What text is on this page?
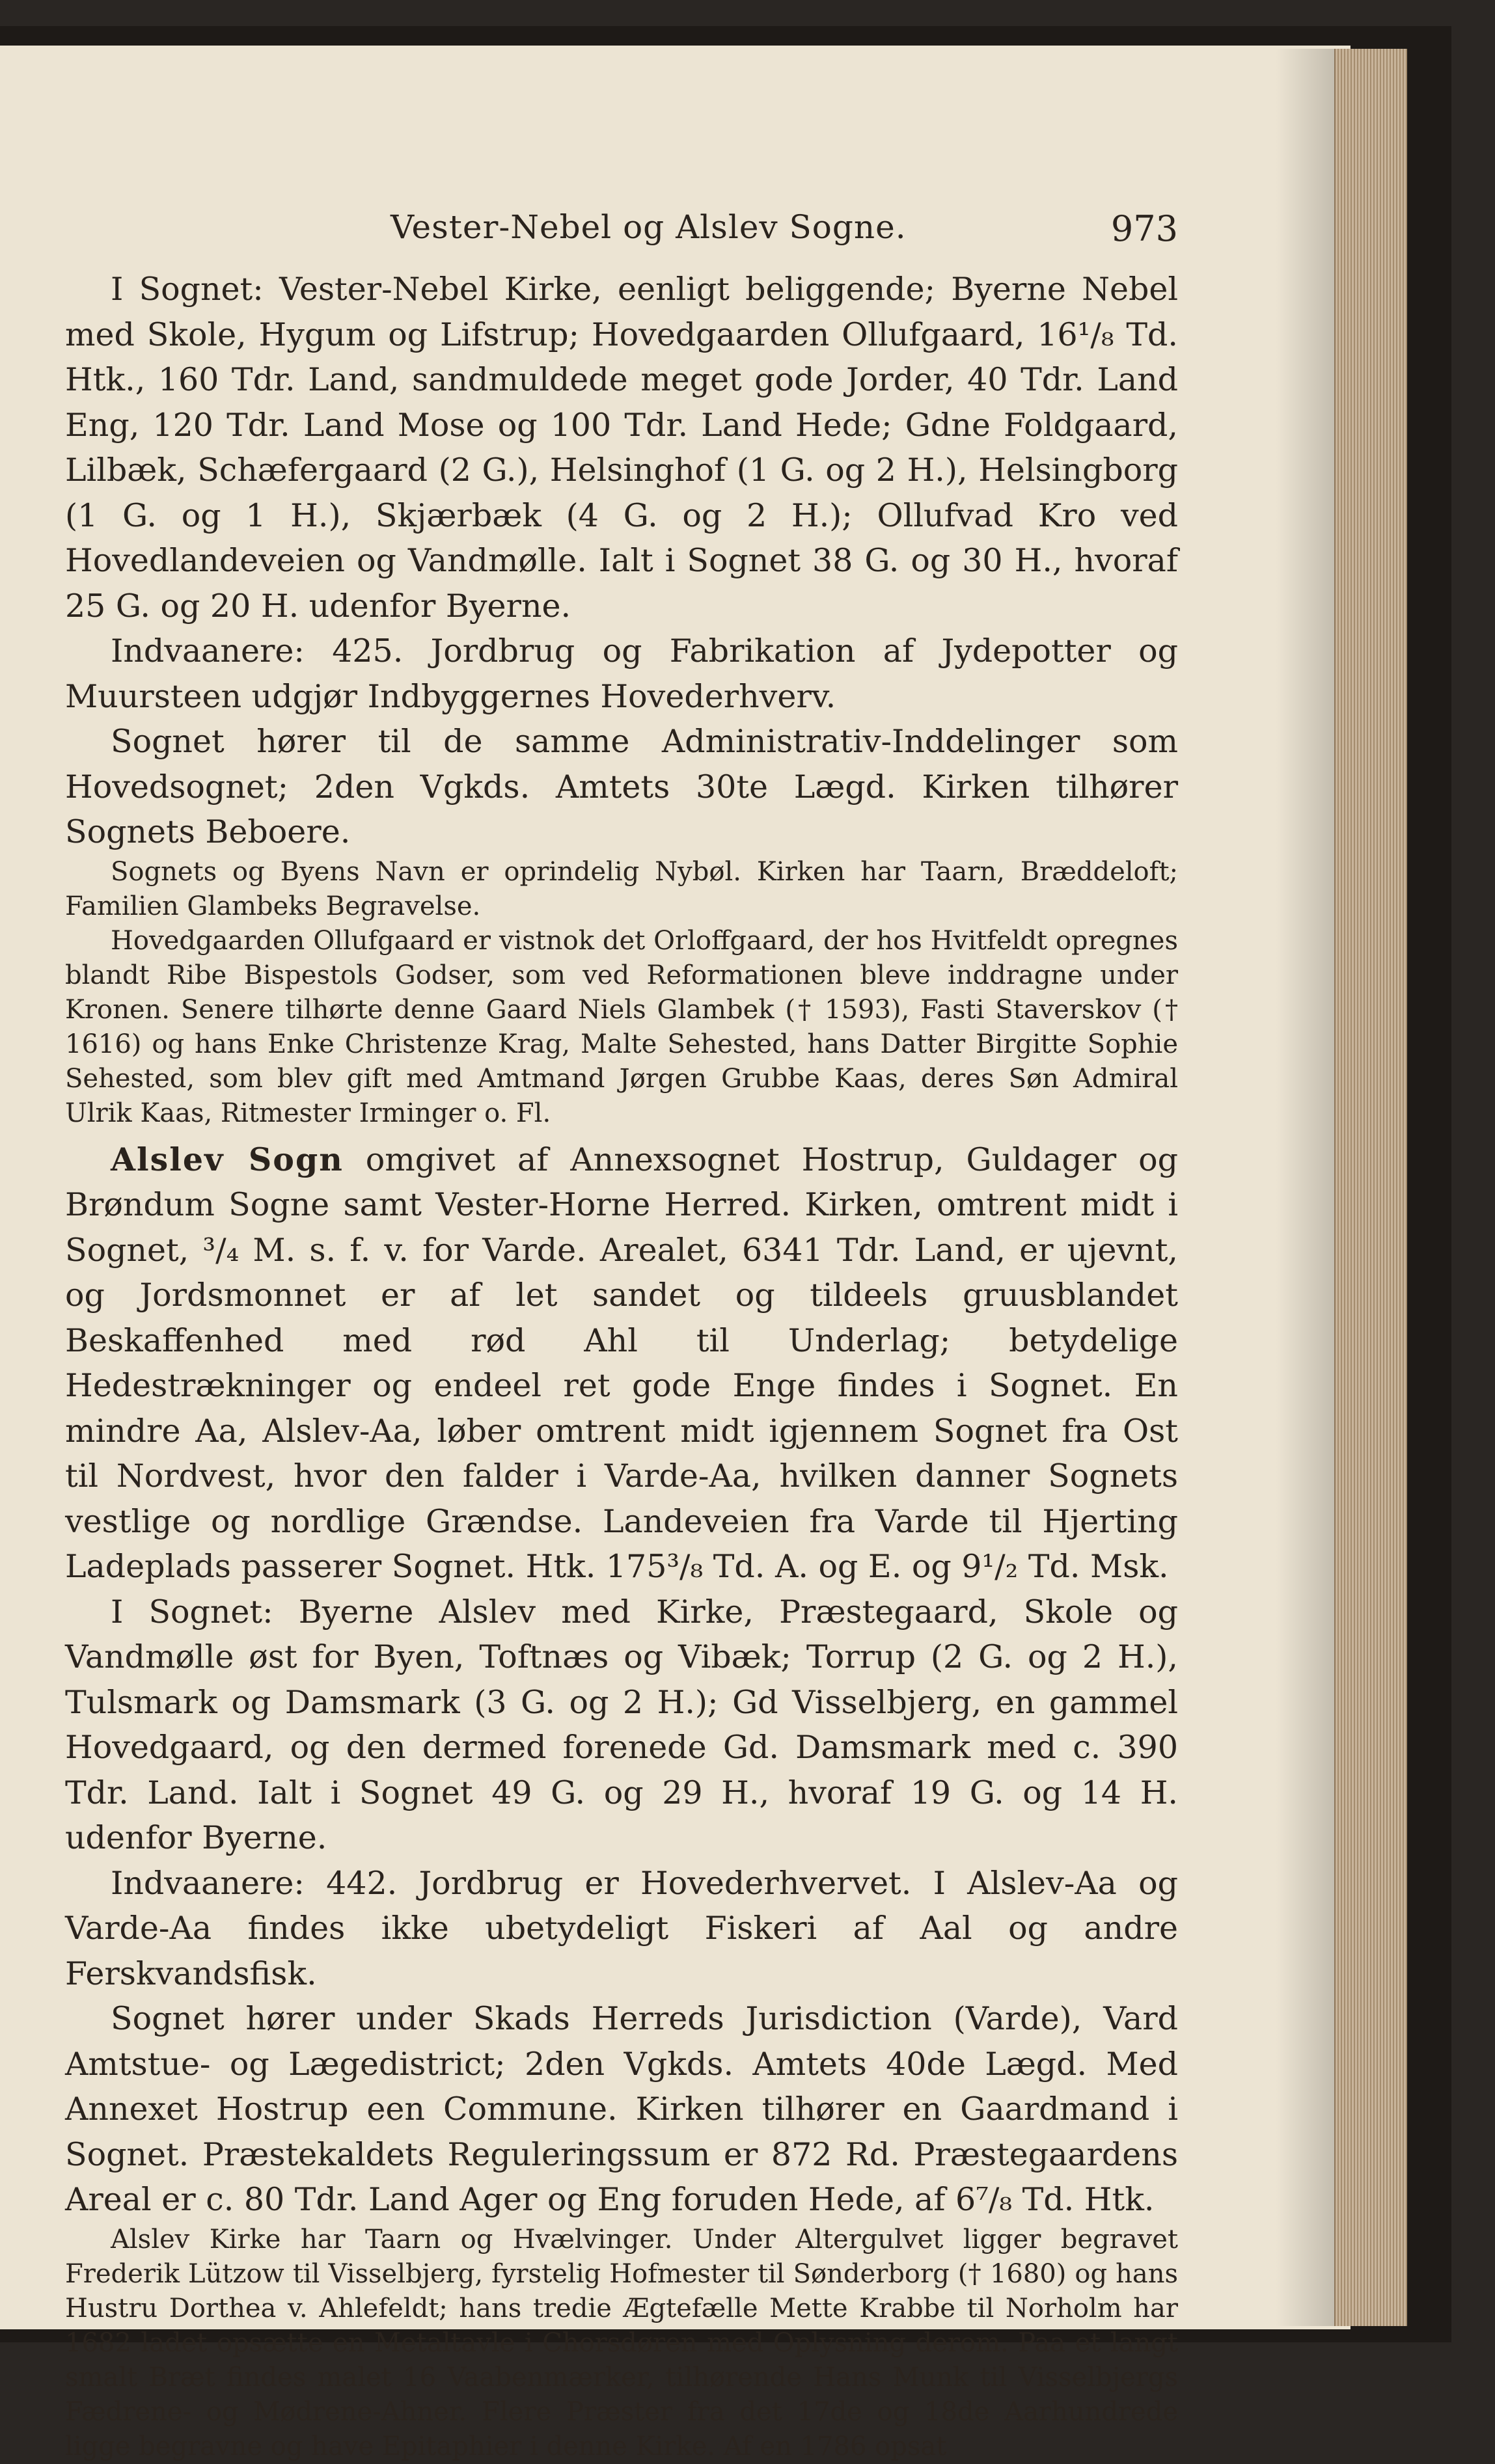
Vester-Nebel og Alslev Sogne.	973

I Sognet: Vester-Nebel Kirke, eenligt beliggende; Byerne Nebel med Skole, Hygum og Lifstrup; Hovedgaarden Ollufgaard, 16¹/₈ Td. Htk., 160 Tdr. Land, sandmuldede meget gode Jorder, 40 Tdr. Land Eng, 120 Tdr. Land Mose og 100 Tdr. Land Hede; Gdne Foldgaard, Lilbæk, Schæfergaard (2 G.), Helsinghof (1 G. og 2 H.), Helsingborg (1 G. og 1 H.), Skjærbæk (4 G. og 2 H.); Ollufvad Kro ved Hovedlandeveien og Vandmølle. Ialt i Sognet 38 G. og 30 H., hvoraf 25 G. og 20 H. udenfor Byerne.

Indvaanere: 425. Jordbrug og Fabrikation af Jydepotter og Muursteen udgjør Indbyggernes Hovederhverv.

Sognet hører til de samme Administrativ-Inddelinger som Hovedsognet; 2den Vgkds. Amtets 30te Lægd. Kirken tilhører Sognets Beboere.

Sognets og Byens Navn er oprindelig Nybøl. Kirken har Taarn, Bræddeloft; Familien Glambeks Begravelse.

Hovedgaarden Ollufgaard er vistnok det Orloffgaard, der hos Hvitfeldt opregnes blandt Ribe Bispestols Godser, som ved Reformationen bleve inddragne under Kronen. Senere tilhørte denne Gaard Niels Glambek († 1593), Fasti Staverskov († 1616) og hans Enke Christenze Krag, Malte Sehested, hans Datter Birgitte Sophie Sehested, som blev gift med Amtmand Jørgen Grubbe Kaas, deres Søn Admiral Ulrik Kaas, Ritmester Irminger o. Fl.

Alslev Sogn omgivet af Annexsognet Hostrup, Guldager og Brøndum Sogne samt Vester-Horne Herred. Kirken, omtrent midt i Sognet, ³/₄ M. s. f. v. for Varde. Arealet, 6341 Tdr. Land, er ujevnt, og Jordsmonnet er af let sandet og tildeels gruusblandet Beskaffenhed med rød Ahl til Underlag; betydelige Hedestrækninger og endeel ret gode Enge findes i Sognet. En mindre Aa, Alslev-Aa, løber omtrent midt igjennem Sognet fra Ost til Nordvest, hvor den falder i Varde-Aa, hvilken danner Sognets vestlige og nordlige Grændse. Landeveien fra Varde til Hjerting Ladeplads passerer Sognet. Htk. 175³/₈ Td. A. og E. og 9¹/₂ Td. Msk.

I Sognet: Byerne Alslev med Kirke, Præstegaard, Skole og Vandmølle øst for Byen, Toftnæs og Vibæk; Torrup (2 G. og 2 H.), Tulsmark og Damsmark (3 G. og 2 H.); Gd Visselbjerg, en gammel Hovedgaard, og den dermed forenede Gd. Damsmark med c. 390 Tdr. Land. Ialt i Sognet 49 G. og 29 H., hvoraf 19 G. og 14 H. udenfor Byerne.

Indvaanere: 442. Jordbrug er Hovederhvervet. I Alslev-Aa og Varde-Aa findes ikke ubetydeligt Fiskeri af Aal og andre Ferskvandsfisk.

Sognet hører under Skads Herreds Jurisdiction (Varde), Vard Amtstue- og Lægedistrict; 2den Vgkds. Amtets 40de Lægd. Med Annexet Hostrup een Commune. Kirken tilhører en Gaardmand i Sognet. Præstekaldets Reguleringssum er 872 Rd. Præstegaardens Areal er c. 80 Tdr. Land Ager og Eng foruden Hede, af 6⁷/₈ Td. Htk.

Alslev Kirke har Taarn og Hvælvinger. Under Altergulvet ligger begravet Frederik Lützow til Visselbjerg, fyrstelig Hofmester til Sønderborg († 1680) og hans Hustru Dorthea v. Ahlefeldt; hans tredie Ægtefælle Mette Krabbe til Norholm har 1682 ladet opsætte en Metaltavle i Chorsdøren med Oplysning derom. Paa et langt smalt Bræt findes malet 16 Vaabenmærker, tilhørende Hans Munk til Visselbjergs Fædrene- og Mødrene-Ahner. Flere Præster fra det 17de og 18de Aarhundrede ligge begravne og have Epitaphier i denne Kirke. Af en 1786 opsat
